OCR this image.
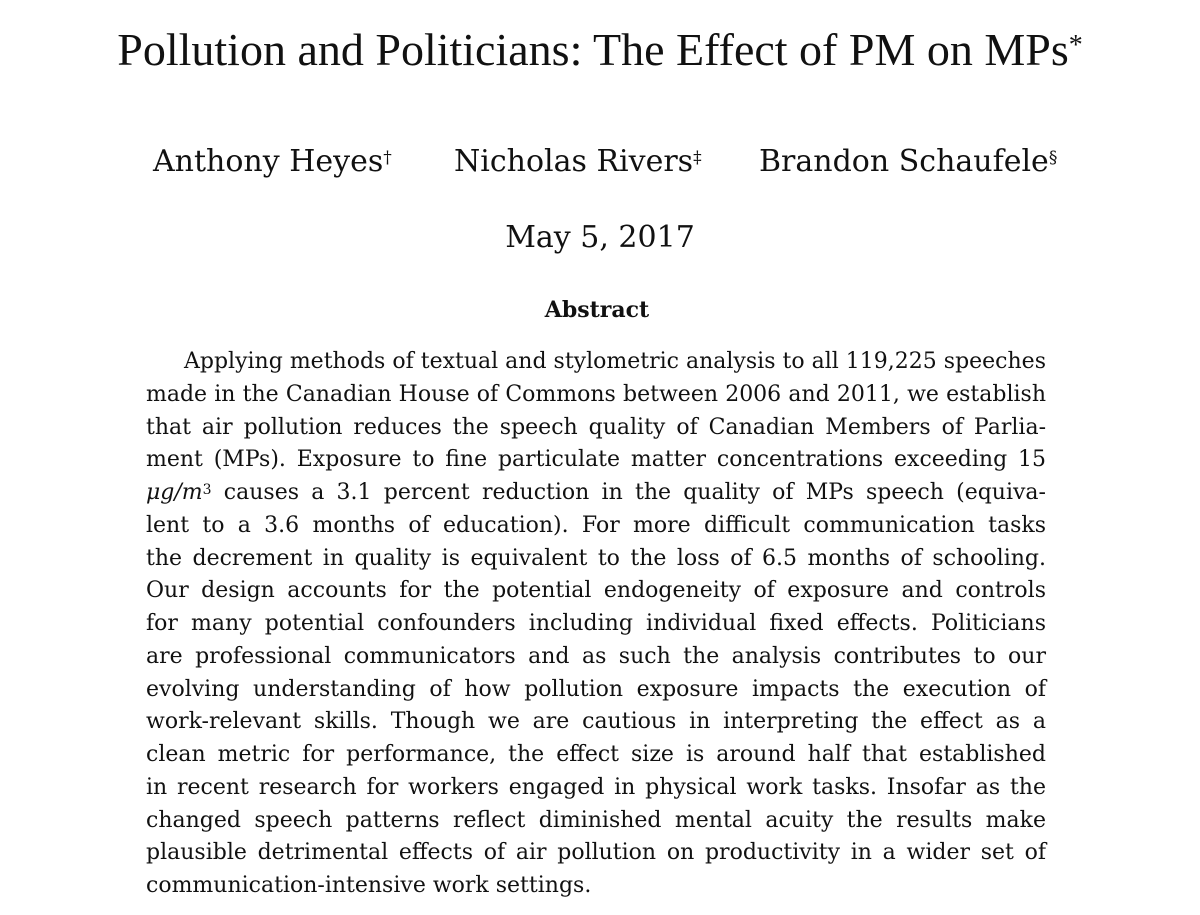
Pollution and Politicians: The Effect of PM on MPs*
Anthony Heyes† Nicholas Rivers‡ Brandon Schaufele§
May 5, 2017
Abstract
Applying methods of textual and stylometric analysis to all 119,225 speeches
made in the Canadian House of Commons between 2006 and 2011, we establish
that air pollution reduces the speech quality of Canadian Members of Parlia-
ment (MPs). Exposure to fine particulate matter concentrations exceeding 15
$\mu g/m^3$ causes a 3.1 percent reduction in the quality of MPs speech (equiva-
lent to a 3.6 months of education). For more difficult communication tasks
the decrement in quality is equivalent to the loss of 6.5 months of schooling.
Our design accounts for the potential endogeneity of exposure and controls
for many potential confounders including individual fixed effects. Politicians
are professional communicators and as such the analysis contributes to our
evolving understanding of how pollution exposure impacts the execution of
work-relevant skills. Though we are cautious in interpreting the effect as a
clean metric for performance, the effect size is around half that established
in recent research for workers engaged in physical work tasks. Insofar as the
changed speech patterns reflect diminished mental acuity the results make
plausible detrimental effects of air pollution on productivity in a wider set of
communication-intensive work settings.
